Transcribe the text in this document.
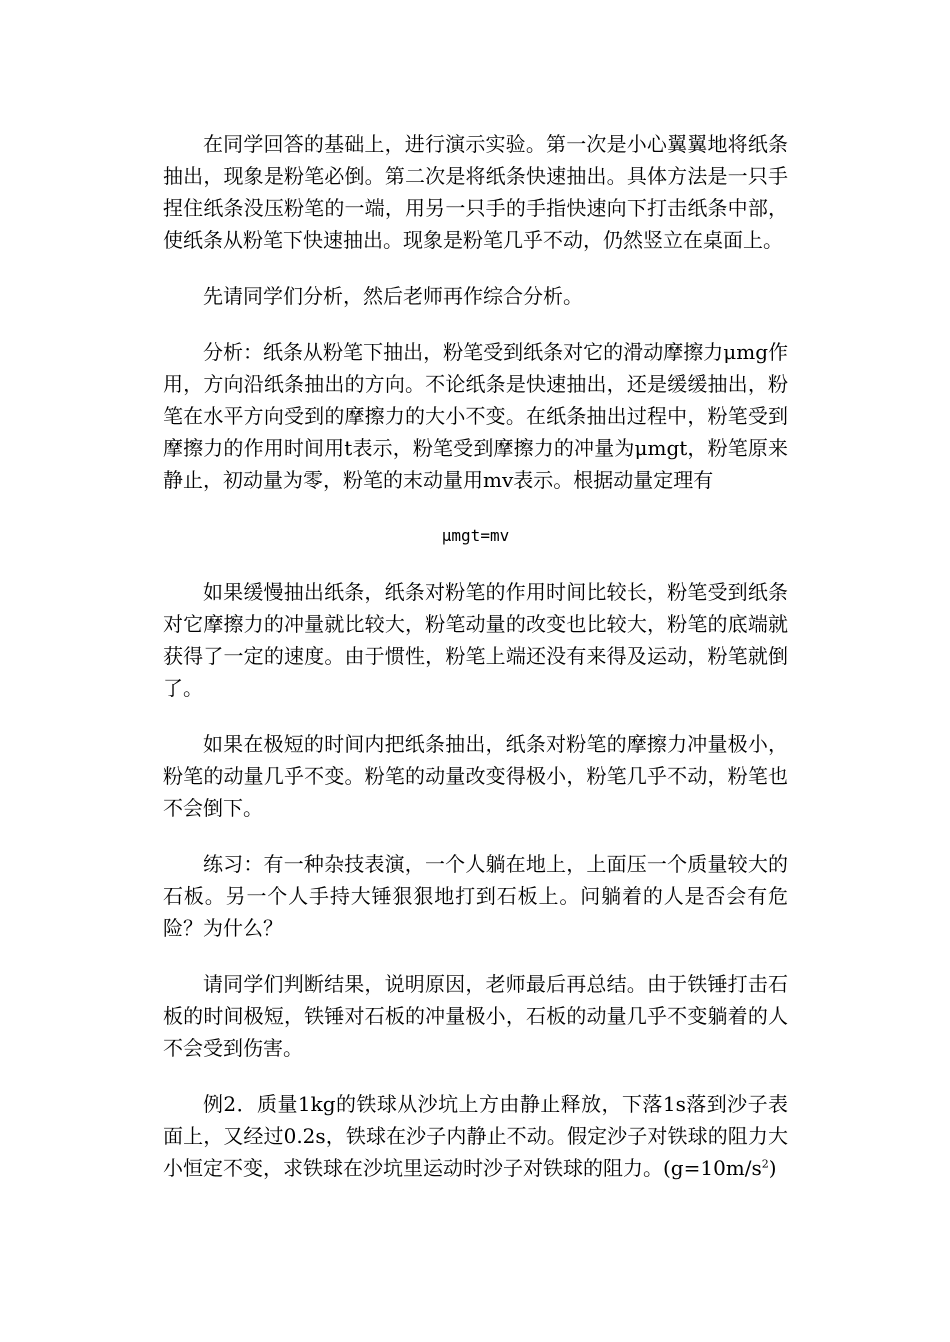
在同学回答的基础上，进行演示实验。第一次是小心翼翼地将纸条抽出，现象是粉笔必倒。第二次是将纸条快速抽出。具体方法是一只手捏住纸条没压粉笔的一端，用另一只手的手指快速向下打击纸条中部，使纸条从粉笔下快速抽出。现象是粉笔几乎不动，仍然竖立在桌面上。

先请同学们分析，然后老师再作综合分析。

分析：纸条从粉笔下抽出，粉笔受到纸条对它的滑动摩擦力μmg作用，方向沿纸条抽出的方向。不论纸条是快速抽出，还是缓缓抽出，粉笔在水平方向受到的摩擦力的大小不变。在纸条抽出过程中，粉笔受到摩擦力的作用时间用t表示，粉笔受到摩擦力的冲量为μmgt，粉笔原来静止，初动量为零，粉笔的末动量用mv表示。根据动量定理有

μmgt=mv

如果缓慢抽出纸条，纸条对粉笔的作用时间比较长，粉笔受到纸条对它摩擦力的冲量就比较大，粉笔动量的改变也比较大，粉笔的底端就获得了一定的速度。由于惯性，粉笔上端还没有来得及运动，粉笔就倒了。

如果在极短的时间内把纸条抽出，纸条对粉笔的摩擦力冲量极小，粉笔的动量几乎不变。粉笔的动量改变得极小，粉笔几乎不动，粉笔也不会倒下。

练习：有一种杂技表演，一个人躺在地上，上面压一个质量较大的石板。另一个人手持大锤狠狠地打到石板上。问躺着的人是否会有危险？为什么？

请同学们判断结果，说明原因，老师最后再总结。由于铁锤打击石板的时间极短，铁锤对石板的冲量极小，石板的动量几乎不变躺着的人不会受到伤害。

例2．质量1kg的铁球从沙坑上方由静止释放，下落1s落到沙子表面上，又经过0.2s，铁球在沙子内静止不动。假定沙子对铁球的阻力大小恒定不变，求铁球在沙坑里运动时沙子对铁球的阻力。$(g=10m/s^2)$
